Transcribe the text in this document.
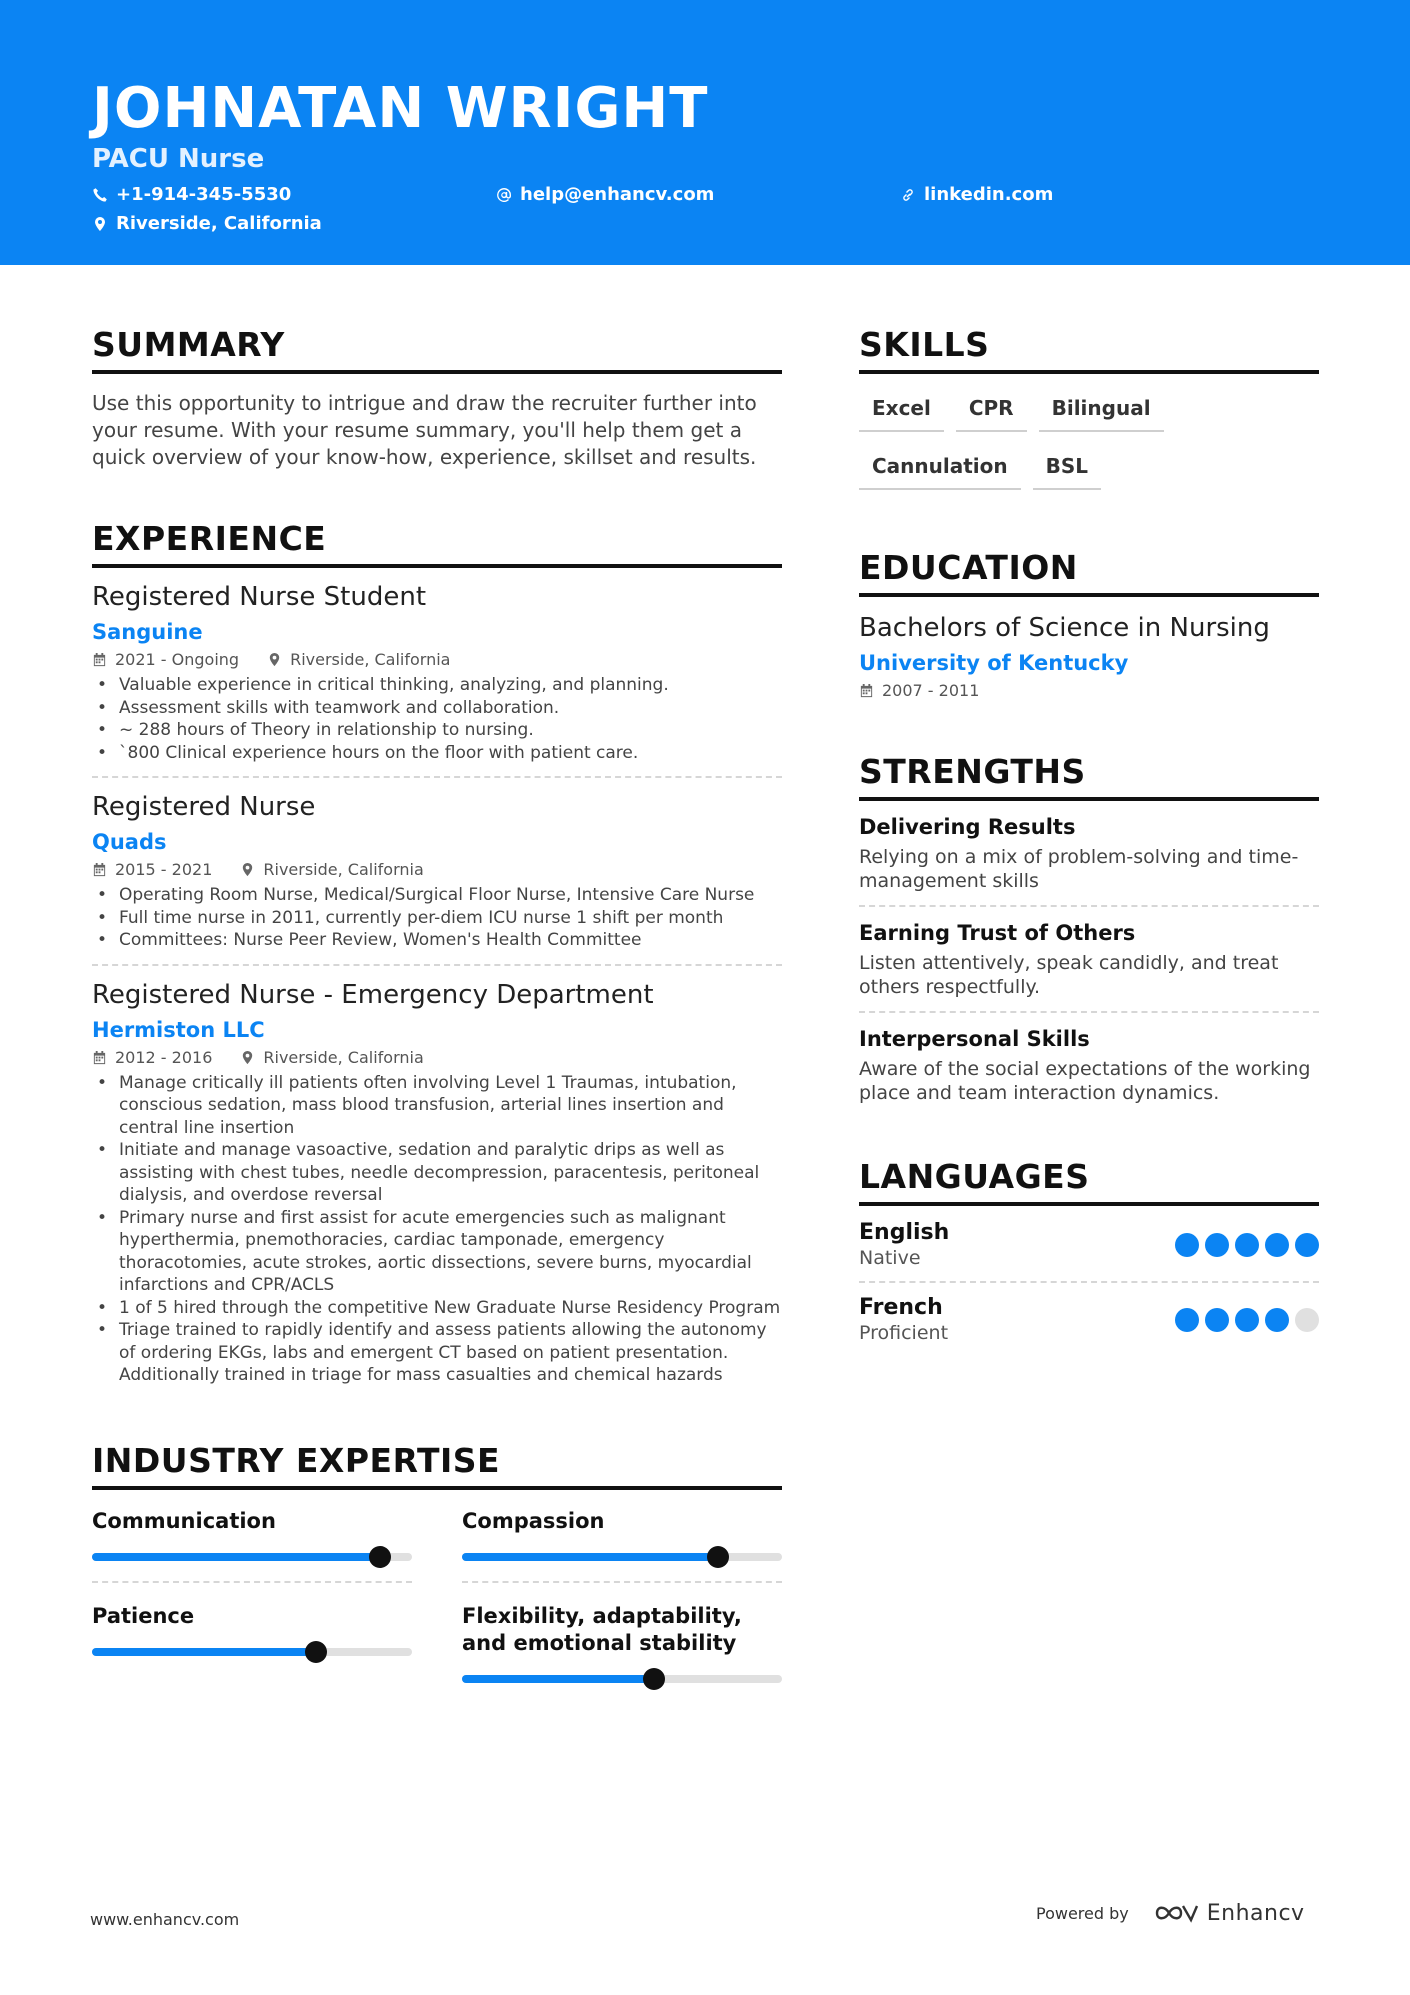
JOHNATAN WRIGHT
PACU Nurse
+1-914-345-5530	help@enhancv.com	linkedin.com
Riverside, California
SUMMARY
Use this opportunity to intrigue and draw the recruiter further into your resume. With your resume summary, you'll help them get a quick overview of your know-how, experience, skillset and results.
EXPERIENCE
Registered Nurse Student
Sanguine
2021 - Ongoing	Riverside, California
• Valuable experience in critical thinking, analyzing, and planning.
• Assessment skills with teamwork and collaboration.
• ~ 288 hours of Theory in relationship to nursing.
• `800 Clinical experience hours on the floor with patient care.
Registered Nurse
Quads
2015 - 2021	Riverside, California
• Operating Room Nurse, Medical/Surgical Floor Nurse, Intensive Care Nurse
• Full time nurse in 2011, currently per-diem ICU nurse 1 shift per month
• Committees: Nurse Peer Review, Women's Health Committee
Registered Nurse - Emergency Department
Hermiston LLC
2012 - 2016	Riverside, California
• Manage critically ill patients often involving Level 1 Traumas, intubation, conscious sedation, mass blood transfusion, arterial lines insertion and central line insertion
• Initiate and manage vasoactive, sedation and paralytic drips as well as assisting with chest tubes, needle decompression, paracentesis, peritoneal dialysis, and overdose reversal
• Primary nurse and first assist for acute emergencies such as malignant hyperthermia, pnemothoracies, cardiac tamponade, emergency thoracotomies, acute strokes, aortic dissections, severe burns, myocardial infarctions and CPR/ACLS
• 1 of 5 hired through the competitive New Graduate Nurse Residency Program
• Triage trained to rapidly identify and assess patients allowing the autonomy of ordering EKGs, labs and emergent CT based on patient presentation. Additionally trained in triage for mass casualties and chemical hazards
INDUSTRY EXPERTISE
Communication	Compassion
Patience	Flexibility, adaptability, and emotional stability
SKILLS
Excel	CPR	Bilingual
Cannulation	BSL
EDUCATION
Bachelors of Science in Nursing
University of Kentucky
2007 - 2011
STRENGTHS
Delivering Results
Relying on a mix of problem-solving and time-management skills
Earning Trust of Others
Listen attentively, speak candidly, and treat others respectfully.
Interpersonal Skills
Aware of the social expectations of the working place and team interaction dynamics.
LANGUAGES
English
Native
French
Proficient
www.enhancv.com	Powered by	Enhancv
